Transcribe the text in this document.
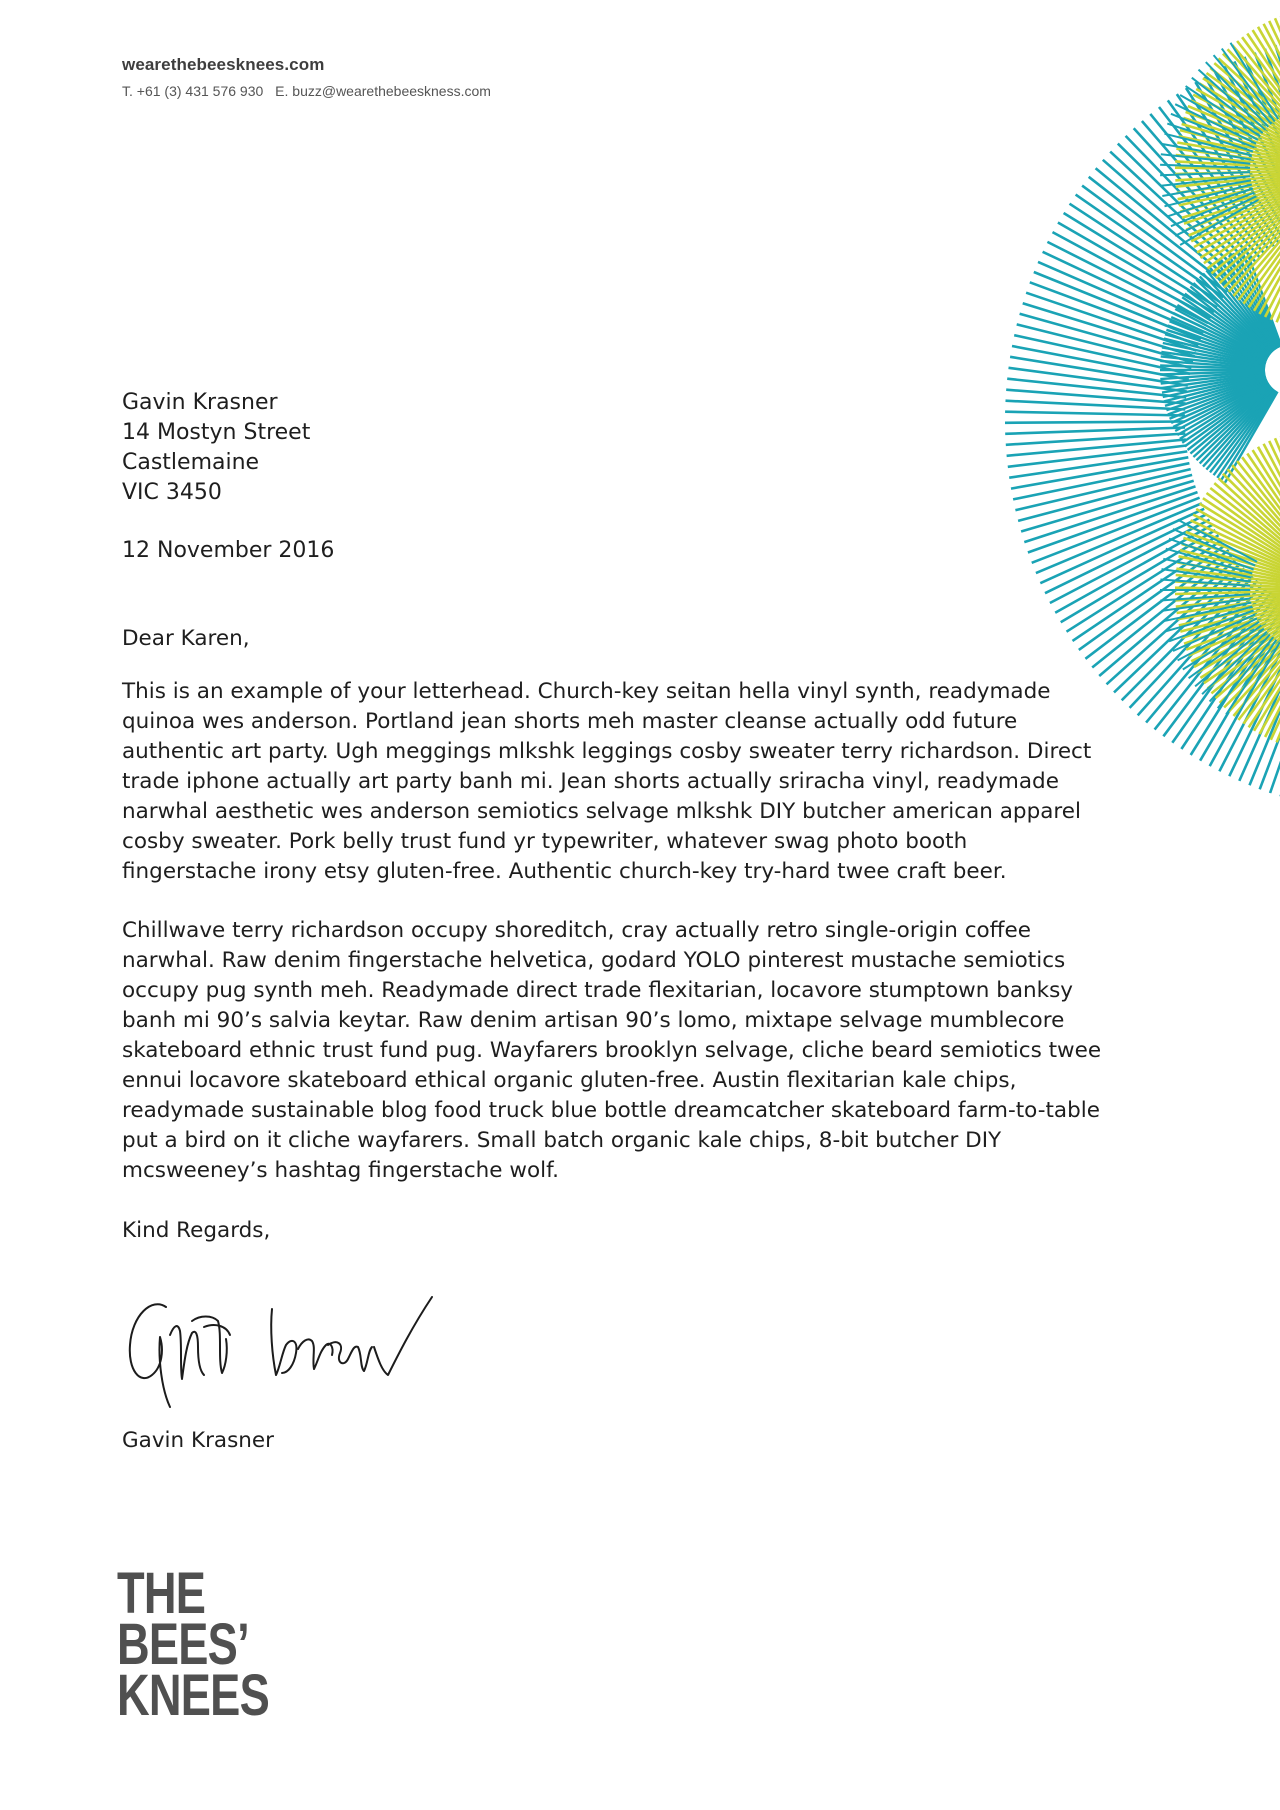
wearethebeesknees.com
T. +61 (3) 431 576 930 E. buzz@wearethebeeskness.com
Gavin Krasner
14 Mostyn Street
Castlemaine
VIC 3450
12 November 2016
Dear Karen,
This is an example of your letterhead. Church-key seitan hella vinyl synth, readymade quinoa wes anderson. Portland jean shorts meh master cleanse actually odd future authentic art party. Ugh meggings mlkshk leggings cosby sweater terry richardson. Direct trade iphone actually art party banh mi. Jean shorts actually sriracha vinyl, readymade narwhal aesthetic wes anderson semiotics selvage mlkshk DIY butcher american apparel cosby sweater. Pork belly trust fund yr typewriter, whatever swag photo booth fingerstache irony etsy gluten-free. Authentic church-key try-hard twee craft beer.
Chillwave terry richardson occupy shoreditch, cray actually retro single-origin coffee narwhal. Raw denim fingerstache helvetica, godard YOLO pinterest mustache semiotics occupy pug synth meh. Readymade direct trade flexitarian, locavore stumptown banksy banh mi 90’s salvia keytar. Raw denim artisan 90’s lomo, mixtape selvage mumblecore skateboard ethnic trust fund pug. Wayfarers brooklyn selvage, cliche beard semiotics twee ennui locavore skateboard ethical organic gluten-free. Austin flexitarian kale chips, readymade sustainable blog food truck blue bottle dreamcatcher skateboard farm-to-table put a bird on it cliche wayfarers. Small batch organic kale chips, 8-bit butcher DIY mcsweeney’s hashtag fingerstache wolf.
Kind Regards,
Gavin Krasner
THE
BEES’
KNEES
